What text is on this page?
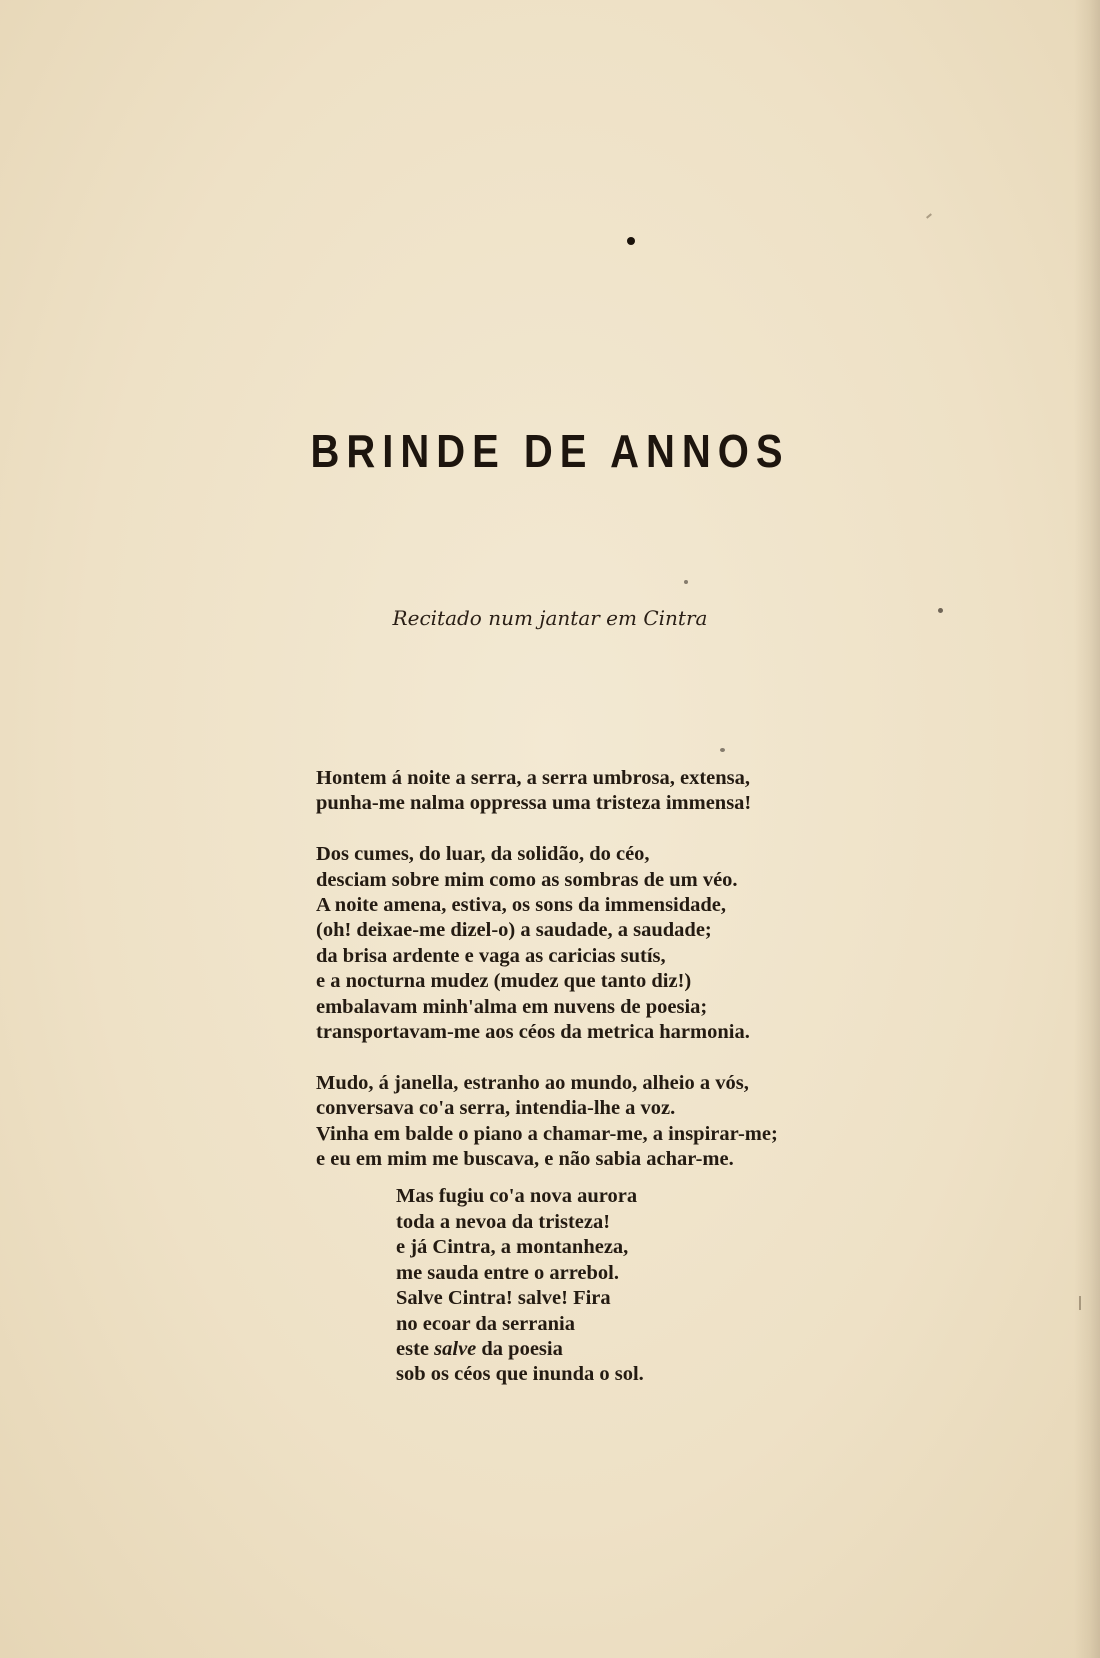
BRINDE DE ANNOS
Recitado num jantar em Cintra
Hontem á noite a serra, a serra umbrosa, extensa,
punha-me nalma oppressa uma tristeza immensa!
Dos cumes, do luar, da solidão, do céo,
desciam sobre mim como as sombras de um véo.
A noite amena, estiva, os sons da immensidade,
(oh! deixae-me dizel-o) a saudade, a saudade;
da brisa ardente e vaga as caricias sutís,
e a nocturna mudez (mudez que tanto diz!)
embalavam minh'alma em nuvens de poesia;
transportavam-me aos céos da metrica harmonia.
Mudo, á janella, estranho ao mundo, alheio a vós,
conversava co'a serra, intendia-lhe a voz.
Vinha em balde o piano a chamar-me, a inspirar-me;
e eu em mim me buscava, e não sabia achar-me.
Mas fugiu co'a nova aurora
toda a nevoa da tristeza!
e já Cintra, a montanheza,
me sauda entre o arrebol.
Salve Cintra! salve! Fira
no ecoar da serrania
este salve da poesia
sob os céos que inunda o sol.
